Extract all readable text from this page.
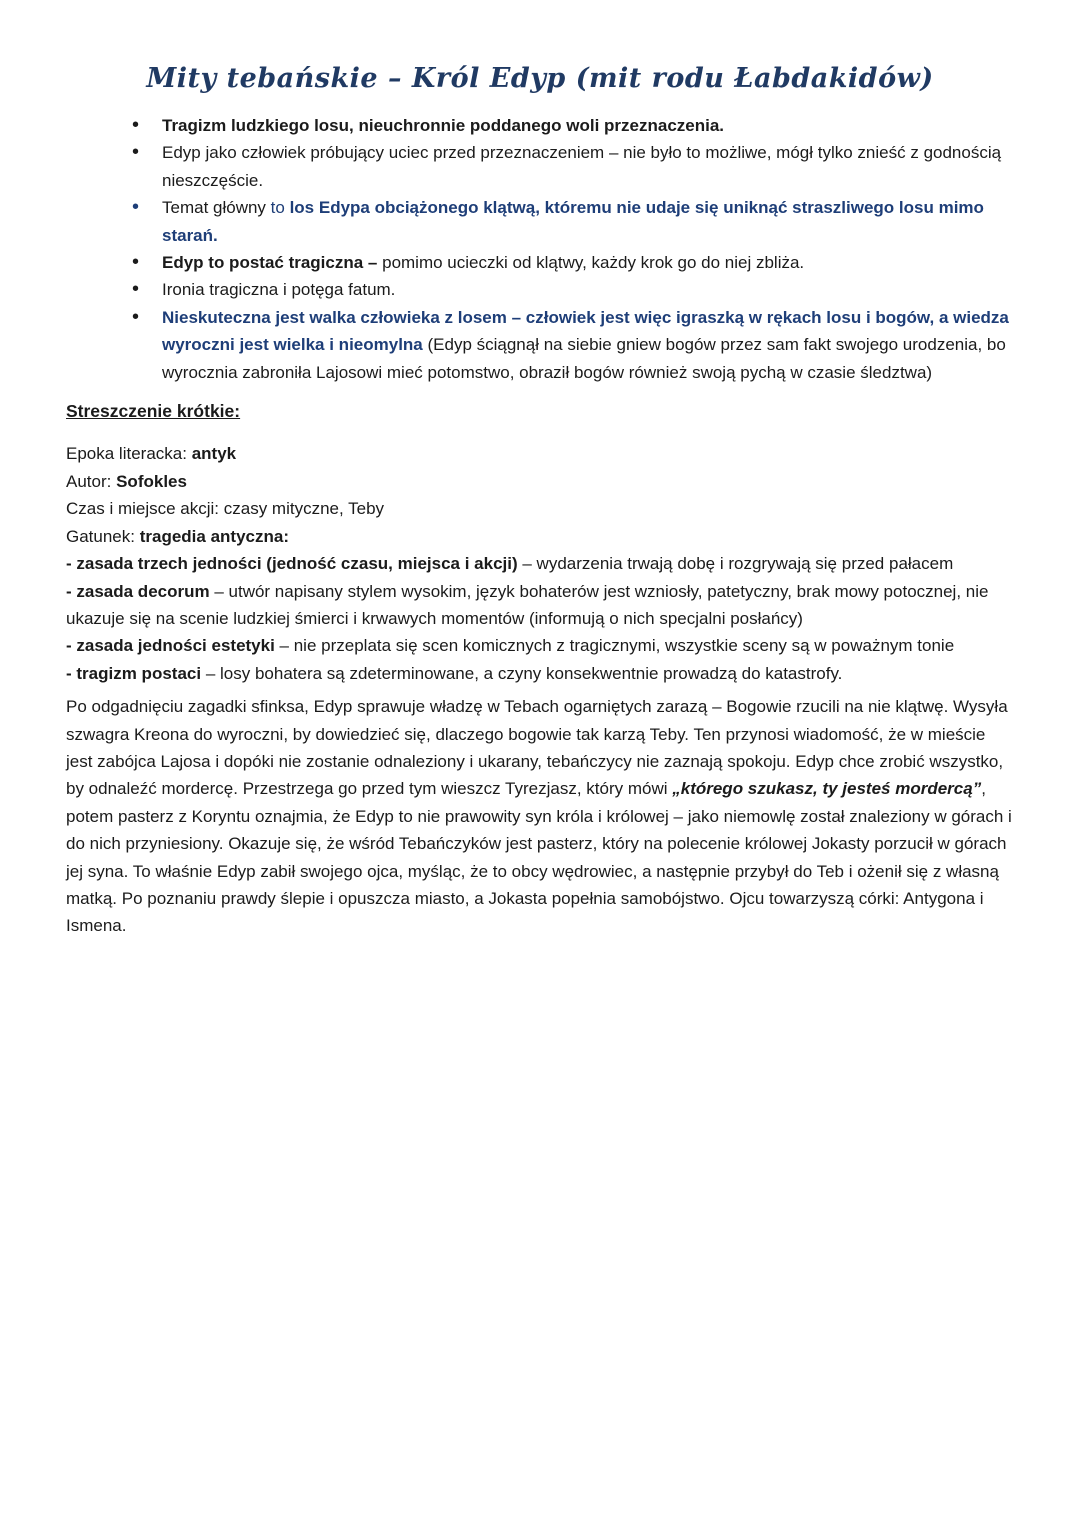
Mity tebańskie – Król Edyp (mit rodu Łabdakidów)
• Tragizm ludzkiego losu, nieuchronnie poddanego woli przeznaczenia.
• Edyp jako człowiek próbujący uciec przed przeznaczeniem – nie było to możliwe, mógł tylko znieść z godnością nieszczęście.
• Temat główny to los Edypa obciążonego klątwą, któremu nie udaje się uniknąć straszliwego losu mimo starań.
• Edyp to postać tragiczna – pomimo ucieczki od klątwy, każdy krok go do niej zbliża.
• Ironia tragiczna i potęga fatum.
• Nieskuteczna jest walka człowieka z losem – człowiek jest więc igraszką w rękach losu i bogów, a wiedza wyroczni jest wielka i nieomylna (Edyp ściągnął na siebie gniew bogów przez sam fakt swojego urodzenia, bo wyrocznia zabroniła Lajosowi mieć potomstwo, obraził bogów również swoją pychą w czasie śledztwa)
Streszczenie krótkie:
Epoka literacka: antyk
Autor: Sofokles
Czas i miejsce akcji: czasy mityczne, Teby
Gatunek: tragedia antyczna:
- zasada trzech jedności (jedność czasu, miejsca i akcji) – wydarzenia trwają dobę i rozgrywają się przed pałacem
- zasada decorum – utwór napisany stylem wysokim, język bohaterów jest wzniosły, patetyczny, brak mowy potocznej, nie ukazuje się na scenie ludzkiej śmierci i krwawych momentów (informują o nich specjalni posłańcy)
- zasada jedności estetyki – nie przeplata się scen komicznych z tragicznymi, wszystkie sceny są w poważnym tonie
- tragizm postaci – losy bohatera są zdeterminowane, a czyny konsekwentnie prowadzą do katastrofy.

Po odgadnięciu zagadki sfinksa, Edyp sprawuje władzę w Tebach ogarniętych zarazą – Bogowie rzucili na nie klątwę. Wysyła szwagra Kreona do wyroczni, by dowiedzieć się, dlaczego bogowie tak karzą Teby. Ten przynosi wiadomość, że w mieście jest zabójca Lajosa i dopóki nie zostanie odnaleziony i ukarany, tebańczycy nie zaznają spokoju. Edyp chce zrobić wszystko, by odnaleźć mordercę. Przestrzega go przed tym wieszcz Tyrezjasz, który mówi „którego szukasz, ty jesteś mordercą”, potem pasterz z Koryntu oznajmia, że Edyp to nie prawowity syn króla i królowej – jako niemowlę został znaleziony w górach i do nich przyniesiony. Okazuje się, że wśród Tebańczyków jest pasterz, który na polecenie królowej Jokasty porzucił w górach jej syna. To właśnie Edyp zabił swojego ojca, myśląc, że to obcy wędrowiec, a następnie przybył do Teb i ożenił się z własną matką. Po poznaniu prawdy ślepie i opuszcza miasto, a Jokasta popełnia samobójstwo. Ojcu towarzyszą córki: Antygona i Ismena.
